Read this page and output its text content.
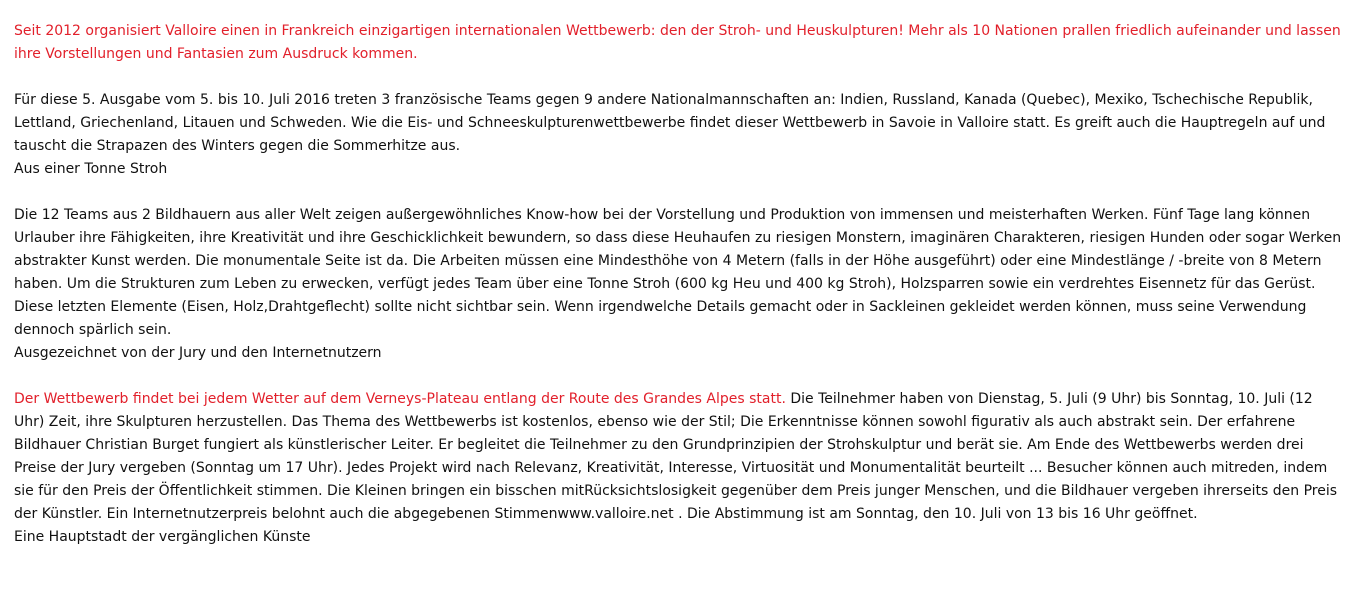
Seit 2012 organisiert Valloire einen in Frankreich einzigartigen internationalen Wettbewerb: den der Stroh- und Heuskulpturen! Mehr als 10 Nationen prallen friedlich aufeinander und lassen ihre Vorstellungen und Fantasien zum Ausdruck kommen.

Für diese 5. Ausgabe vom 5. bis 10. Juli 2016 treten 3 französische Teams gegen 9 andere Nationalmannschaften an: Indien, Russland, Kanada (Quebec), Mexiko, Tschechische Republik, Lettland, Griechenland, Litauen und Schweden. Wie die Eis- und Schneeskulpturenwettbewerbe findet dieser Wettbewerb in Savoie in Valloire statt. Es greift auch die Hauptregeln auf und tauscht die Strapazen des Winters gegen die Sommerhitze aus.
Aus einer Tonne Stroh

Die 12 Teams aus 2 Bildhauern aus aller Welt zeigen außergewöhnliches Know-how bei der Vorstellung und Produktion von immensen und meisterhaften Werken. Fünf Tage lang können Urlauber ihre Fähigkeiten, ihre Kreativität und ihre Geschicklichkeit bewundern, so dass diese Heuhaufen zu riesigen Monstern, imaginären Charakteren, riesigen Hunden oder sogar Werken abstrakter Kunst werden. Die monumentale Seite ist da. Die Arbeiten müssen eine Mindesthöhe von 4 Metern (falls in der Höhe ausgeführt) oder eine Mindestlänge / -breite von 8 Metern haben. Um die Strukturen zum Leben zu erwecken, verfügt jedes Team über eine Tonne Stroh (600 kg Heu und 400 kg Stroh), Holzsparren sowie ein verdrehtes Eisennetz für das Gerüst. Diese letzten Elemente (Eisen, Holz,Drahtgeflecht) sollte nicht sichtbar sein. Wenn irgendwelche Details gemacht oder in Sackleinen gekleidet werden können, muss seine Verwendung dennoch spärlich sein.
Ausgezeichnet von der Jury und den Internetnutzern

Der Wettbewerb findet bei jedem Wetter auf dem Verneys-Plateau entlang der Route des Grandes Alpes statt. Die Teilnehmer haben von Dienstag, 5. Juli (9 Uhr) bis Sonntag, 10. Juli (12 Uhr) Zeit, ihre Skulpturen herzustellen. Das Thema des Wettbewerbs ist kostenlos, ebenso wie der Stil; Die Erkenntnisse können sowohl figurativ als auch abstrakt sein. Der erfahrene Bildhauer Christian Burget fungiert als künstlerischer Leiter. Er begleitet die Teilnehmer zu den Grundprinzipien der Strohskulptur und berät sie. Am Ende des Wettbewerbs werden drei Preise der Jury vergeben (Sonntag um 17 Uhr). Jedes Projekt wird nach Relevanz, Kreativität, Interesse, Virtuosität und Monumentalität beurteilt ... Besucher können auch mitreden, indem sie für den Preis der Öffentlichkeit stimmen. Die Kleinen bringen ein bisschen mitRücksichtslosigkeit gegenüber dem Preis junger Menschen, und die Bildhauer vergeben ihrerseits den Preis der Künstler. Ein Internetnutzerpreis belohnt auch die abgegebenen Stimmenwww.valloire.net . Die Abstimmung ist am Sonntag, den 10. Juli von 13 bis 16 Uhr geöffnet.
Eine Hauptstadt der vergänglichen Künste
